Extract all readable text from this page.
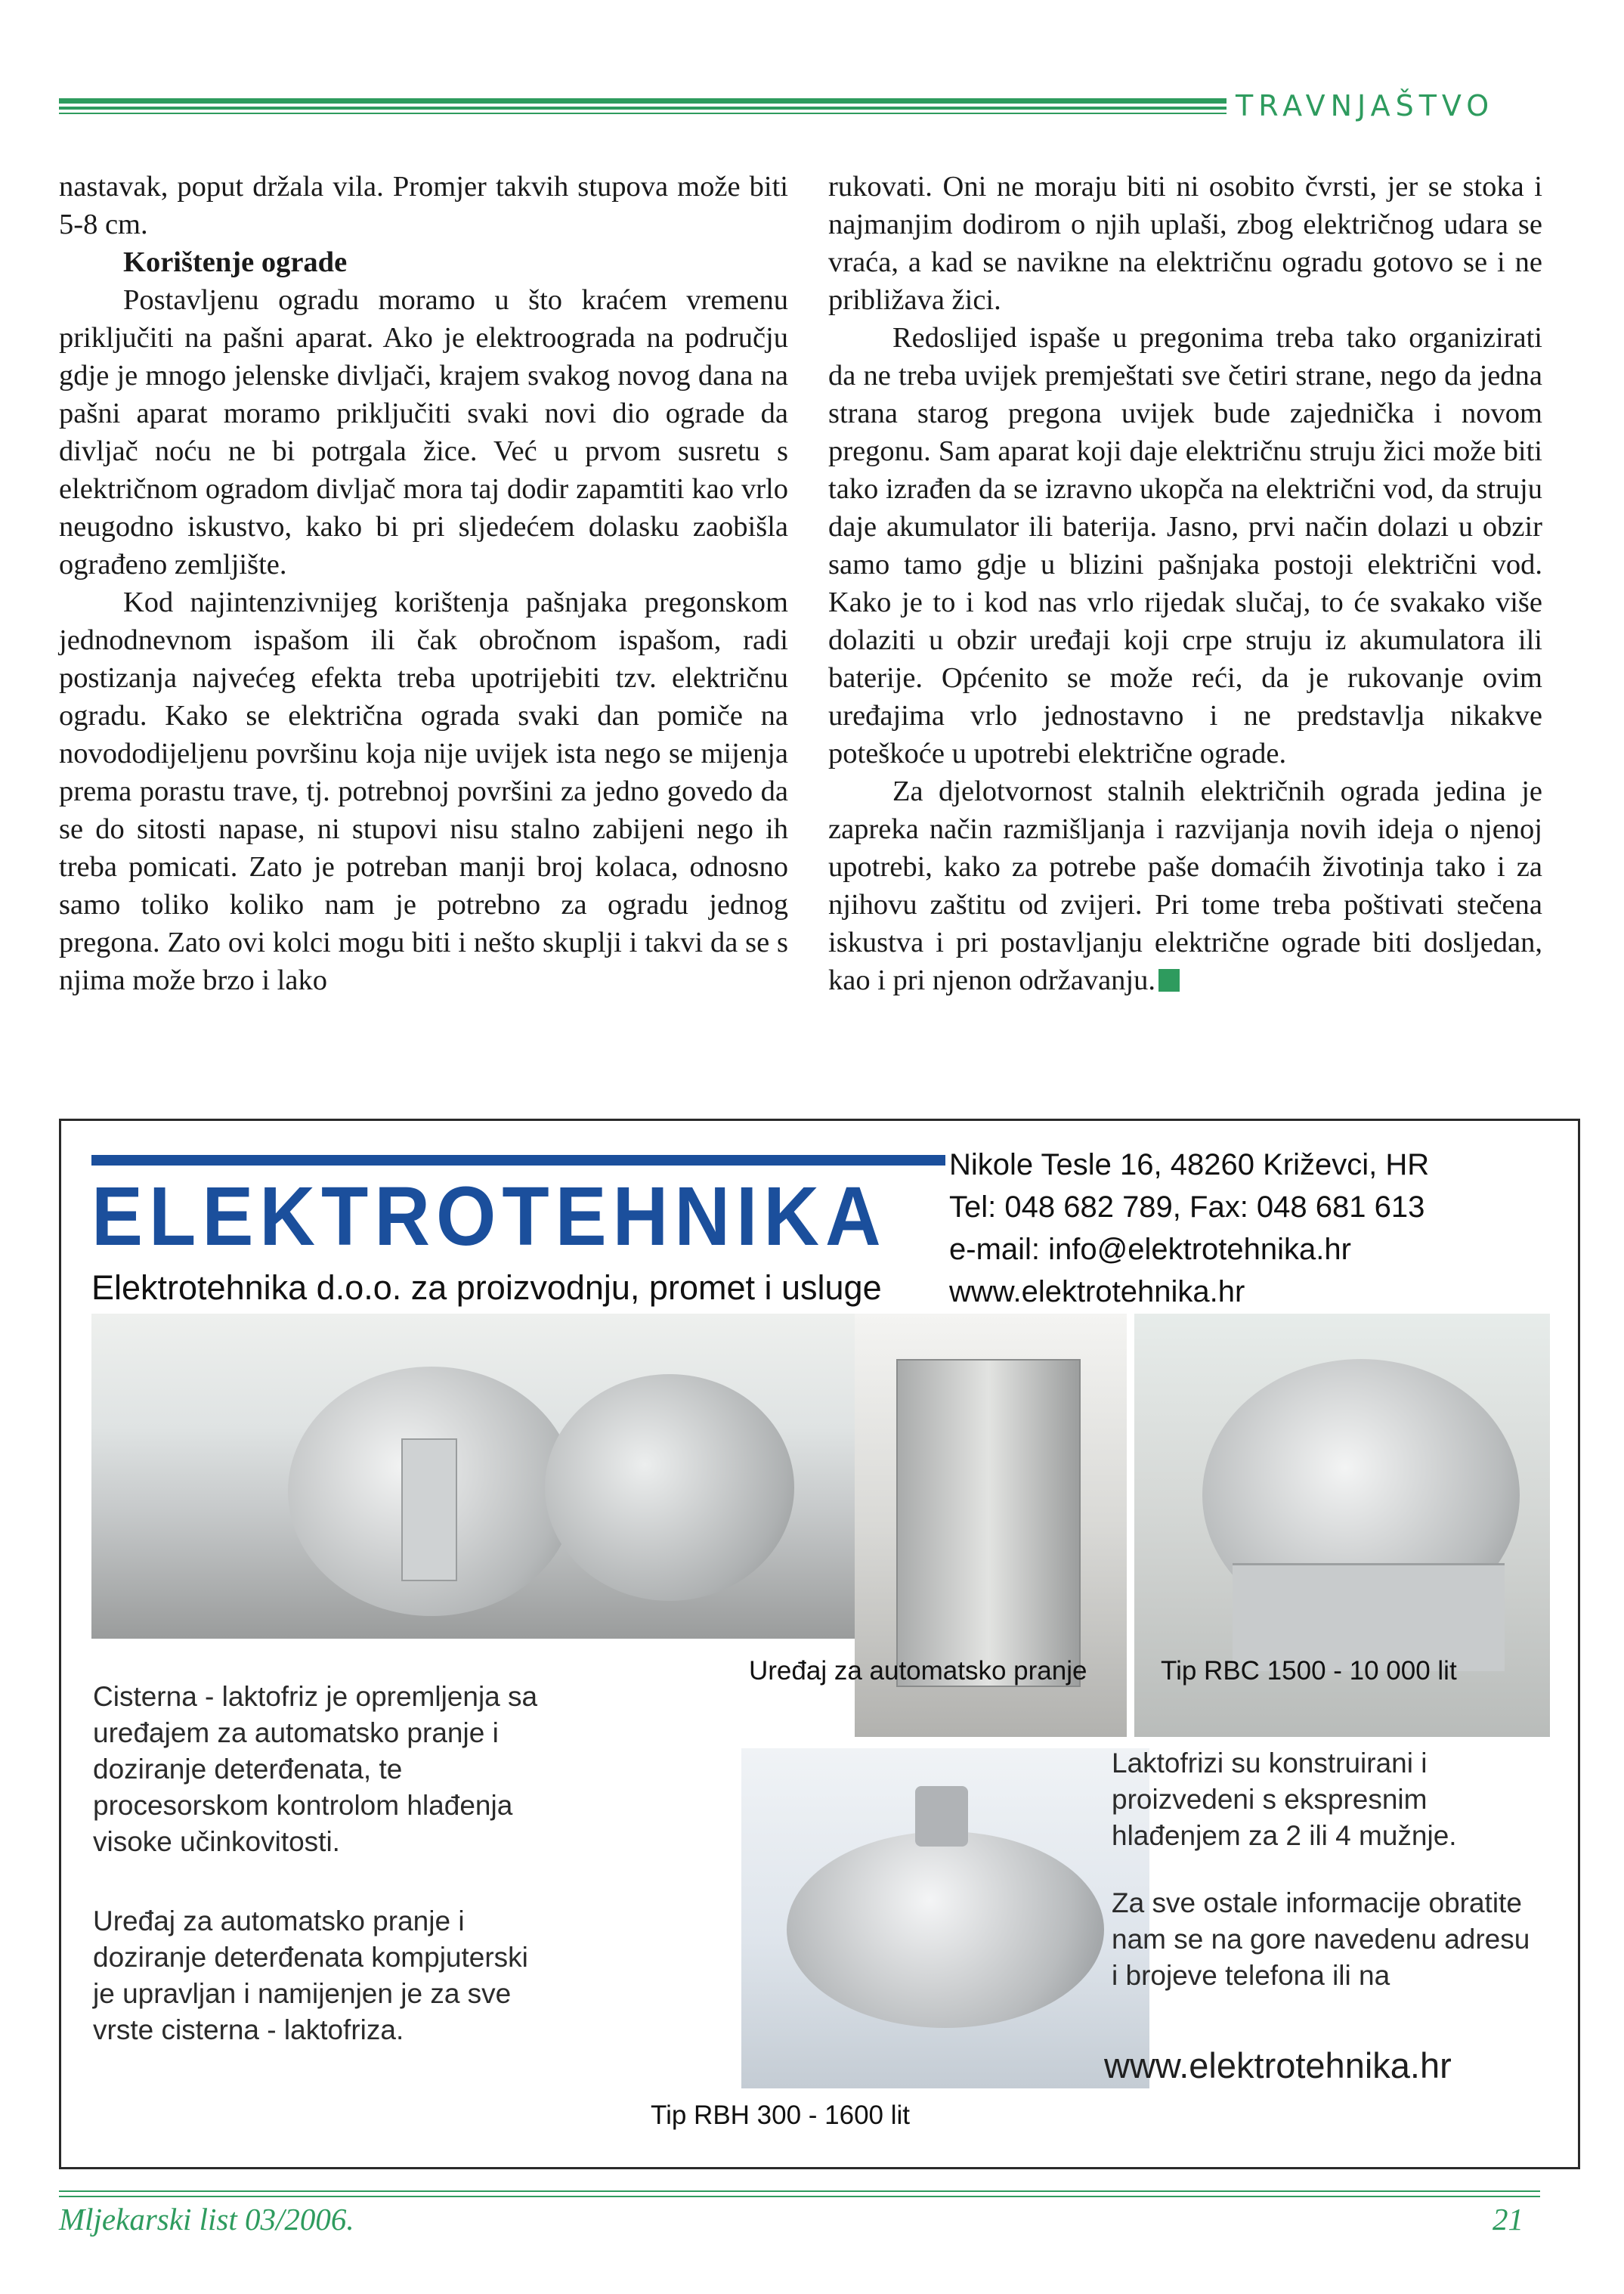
TRAVNJAŠTVO

nastavak, poput držala vila. Promjer takvih stupova može biti 5-8 cm.

Korištenje ograde

Postavljenu ogradu moramo u što kraćem vremenu priključiti na pašni aparat. Ako je elektroograda na području gdje je mnogo jelenske divljači, krajem svakog novog dana na pašni aparat moramo priključiti svaki novi dio ograde da divljač noću ne bi potrgala žice. Već u prvom susretu s električnom ogradom divljač mora taj dodir zapamtiti kao vrlo neugodno iskustvo, kako bi pri sljedećem dolasku zaobišla ograđeno zemljište.

Kod najintenzivnijeg korištenja pašnjaka pregonskom jednodnevnom ispašom ili čak obročnom ispašom, radi postizanja najvećeg efekta treba upotrijebiti tzv. električnu ogradu. Kako se električna ograda svaki dan pomiče na novododijeljenu površinu koja nije uvijek ista nego se mijenja prema porastu trave, tj. potrebnoj površini za jedno govedo da se do sitosti napase, ni stupovi nisu stalno zabijeni nego ih treba pomicati. Zato je potreban manji broj kolaca, odnosno samo toliko koliko nam je potrebno za ogradu jednog pregona. Zato ovi kolci mogu biti i nešto skuplji i takvi da se s njima može brzo i lako

rukovati. Oni ne moraju biti ni osobito čvrsti, jer se stoka i najmanjim dodirom o njih uplaši, zbog električnog udara se vraća, a kad se navikne na električnu ogradu gotovo se i ne približava žici.

Redoslijed ispaše u pregonima treba tako organizirati da ne treba uvijek premještati sve četiri strane, nego da jedna strana starog pregona uvijek bude zajednička i novom pregonu. Sam aparat koji daje električnu struju žici može biti tako izrađen da se izravno ukopča na električni vod, da struju daje akumulator ili baterija. Jasno, prvi način dolazi u obzir samo tamo gdje u blizini pašnjaka postoji električni vod. Kako je to i kod nas vrlo rijedak slučaj, to će svakako više dolaziti u obzir uređaji koji crpe struju iz akumulatora ili baterije. Općenito se može reći, da je rukovanje ovim uređajima vrlo jednostavno i ne predstavlja nikakve poteškoće u upotrebi električne ograde.

Za djelotvornost stalnih električnih ograda jedina je zapreka način razmišljanja i razvijanja novih ideja o njenoj upotrebi, kako za potrebe paše domaćih životinja tako i za njihovu zaštitu od zvijeri. Pri tome treba poštivati stečena iskustva i pri postavljanju električne ograde biti dosljedan, kao i pri njenon održavanju.

ELEKTROTEHNIKA
Elektrotehnika d.o.o. za proizvodnju, promet i usluge
Nikole Tesle 16, 48260 Križevci, HR
Tel: 048 682 789, Fax: 048 681 613
e-mail: info@elektrotehnika.hr
www.elektrotehnika.hr
Uređaj za automatsko pranje	Tip RBC 1500 - 10 000 lit
Cisterna - laktofriz je opremljenja sa uređajem za automatsko pranje i doziranje deterđenata, te procesorskom kontrolom hlađenja visoke učinkovitosti.
Uređaj za automatsko pranje i doziranje deterđenata kompjuterski je upravljan i namijenjen je za sve vrste cisterna - laktofriza.
Laktofrizi su konstruirani i proizvedeni s ekspresnim hlađenjem za 2 ili 4 mužnje.
Za sve ostale informacije obratite nam se na gore navedenu adresu i brojeve telefona ili na
www.elektrotehnika.hr
Tip RBH 300 - 1600 lit
Mljekarski list 03/2006.	21
